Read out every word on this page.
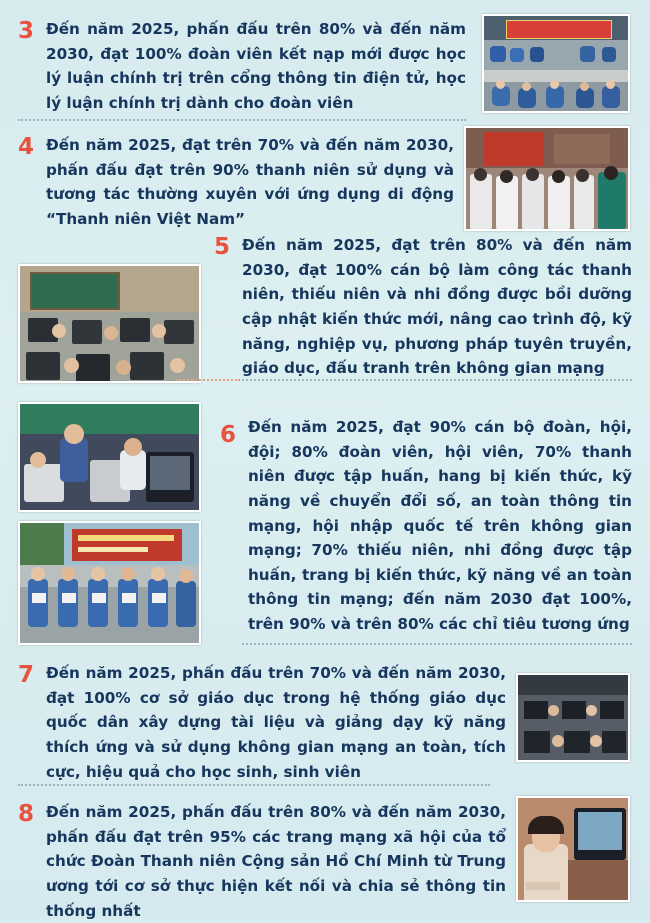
3 Đến năm 2025, phấn đấu trên 80% và đến năm 2030, đạt 100% đoàn viên kết nạp mới được học lý luận chính trị trên cổng thông tin điện tử, học lý luận chính trị dành cho đoàn viên
4 Đến năm 2025, đạt trên 70% và đến năm 2030, phấn đấu đạt trên 90% thanh niên sử dụng và tương tác thường xuyên với ứng dụng di động “Thanh niên Việt Nam”
5 Đến năm 2025, đạt trên 80% và đến năm 2030, đạt 100% cán bộ làm công tác thanh niên, thiếu niên và nhi đồng được bồi dưỡng cập nhật kiến thức mới, nâng cao trình độ, kỹ năng, nghiệp vụ, phương pháp tuyên truyền, giáo dục, đấu tranh trên không gian mạng
6 Đến năm 2025, đạt 90% cán bộ đoàn, hội, đội; 80% đoàn viên, hội viên, 70% thanh niên được tập huấn, hang bị kiến thức, kỹ năng về chuyển đổi số, an toàn thông tin mạng, hội nhập quốc tế trên không gian mạng; 70% thiếu niên, nhi đồng được tập huấn, trang bị kiến thức, kỹ năng về an toàn thông tin mạng; đến năm 2030 đạt 100%, trên 90% và trên 80% các chỉ tiêu tương ứng
7 Đến năm 2025, phấn đấu trên 70% và đến năm 2030, đạt 100% cơ sở giáo dục trong hệ thống giáo dục quốc dân xây dựng tài liệu và giảng dạy kỹ năng thích ứng và sử dụng không gian mạng an toàn, tích cực, hiệu quả cho học sinh, sinh viên
8 Đến năm 2025, phấn đấu trên 80% và đến năm 2030, phấn đấu đạt trên 95% các trang mạng xã hội của tổ chức Đoàn Thanh niên Cộng sản Hồ Chí Minh từ Trung ương tới cơ sở thực hiện kết nối và chia sẻ thông tin thống nhất
